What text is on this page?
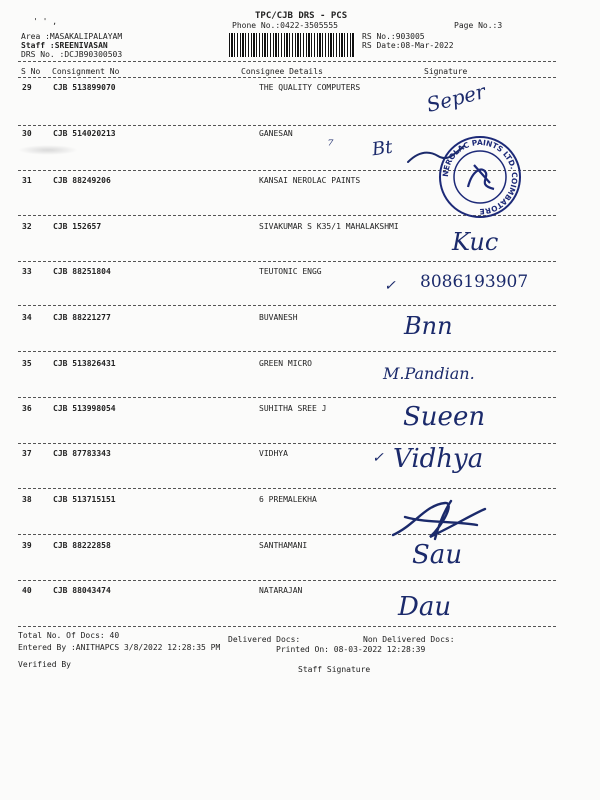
' ' ,
TPC/CJB DRS - PCS
Phone No.:0422-3505555	Page No.:3
Area :MASAKALIPALAYAM
Staff :SREENIVASAN
DRS No. :DCJB90300503
RS No.:903005
RS Date:08-Mar-2022
S No Consignment No	Consignee Details	Signature
29	CJB 513899070	THE QUALITY COMPUTERS
30	CJB 514020213	GANESAN
31	CJB 88249206	KANSAI NEROLAC PAINTS
32	CJB 152657	SIVAKUMAR S K35/1 MAHALAKSHMI
33	CJB 88251804	TEUTONIC ENGG
34	CJB 88221277	BUVANESH
35	CJB 513826431	GREEN MICRO
36	CJB 513998054	SUHITHA SREE J
37	CJB 87783343	VIDHYA
38	CJB 513715151	6 PREMALEKHA
39	CJB 88222858	SANTHAMANI
40	CJB 88043474	NATARAJAN
Seper
Bt
⁷
Kuc
✓ 8086193907
Bnn
M.Pandian.
Sueen
✓ Vidhya
Sau
Dau
NEROLAC PAINTS LTD. COIMBATORE
Total No. Of Docs: 40	Delivered Docs:	Non Delivered Docs:
Entered By :ANITHAPCS 3/8/2022 12:28:35 PM	Printed On: 08-03-2022 12:28:39
Verified By
Staff Signature
